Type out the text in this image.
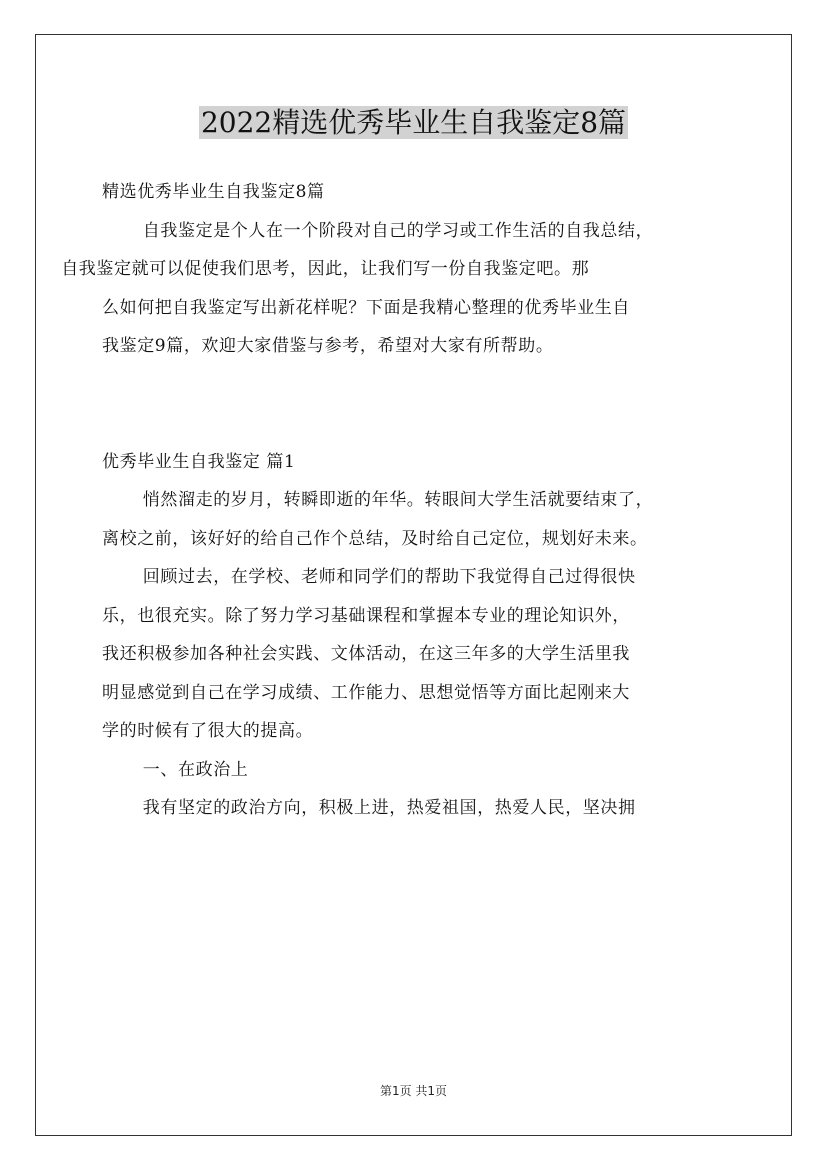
2022精选优秀毕业生自我鉴定8篇

精选优秀毕业生自我鉴定8篇

自我鉴定是个人在一个阶段对自己的学习或工作生活的自我总结，
自我鉴定就可以促使我们思考，因此，让我们写一份自我鉴定吧。那
么如何把自我鉴定写出新花样呢？下面是我精心整理的优秀毕业生自
我鉴定9篇，欢迎大家借鉴与参考，希望对大家有所帮助。

优秀毕业生自我鉴定 篇1

悄然溜走的岁月，转瞬即逝的年华。转眼间大学生活就要结束了，
离校之前，该好好的给自己作个总结，及时给自己定位，规划好未来。

回顾过去，在学校、老师和同学们的帮助下我觉得自己过得很快
乐，也很充实。除了努力学习基础课程和掌握本专业的理论知识外，
我还积极参加各种社会实践、文体活动，在这三年多的大学生活里我
明显感觉到自己在学习成绩、工作能力、思想觉悟等方面比起刚来大
学的时候有了很大的提高。

一、在政治上

我有坚定的政治方向，积极上进，热爱祖国，热爱人民，坚决拥

第1页 共1页
